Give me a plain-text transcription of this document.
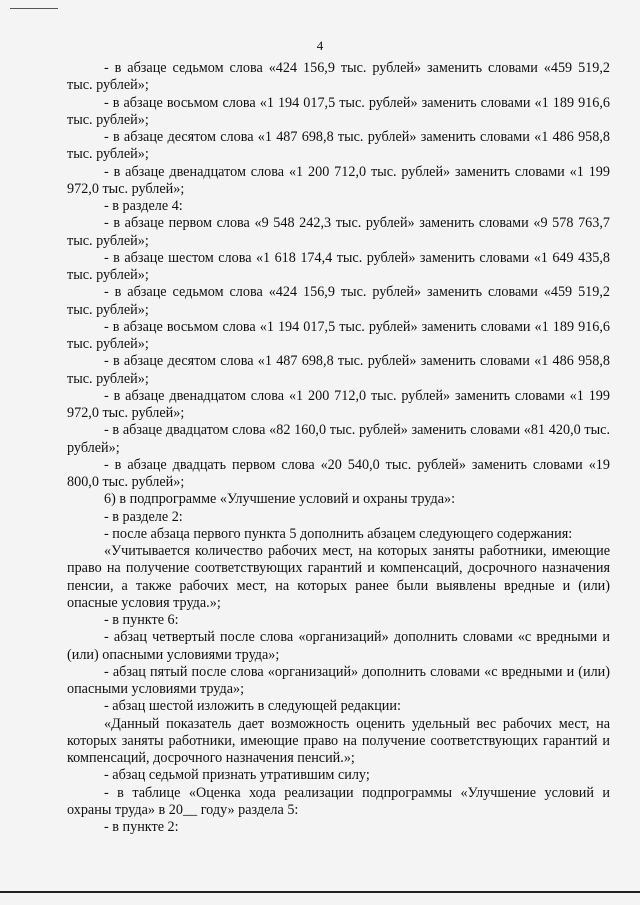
4

- в абзаце седьмом слова «424 156,9 тыс. рублей» заменить словами «459 519,2 тыс. рублей»;

- в абзаце восьмом слова «1 194 017,5 тыс. рублей» заменить словами «1 189 916,6 тыс. рублей»;

- в абзаце десятом слова «1 487 698,8 тыс. рублей» заменить словами «1 486 958,8 тыс. рублей»;

- в абзаце двенадцатом слова «1 200 712,0 тыс. рублей» заменить словами «1 199 972,0 тыс. рублей»;

- в разделе 4:

- в абзаце первом слова «9 548 242,3 тыс. рублей» заменить словами «9 578 763,7 тыс. рублей»;

- в абзаце шестом слова «1 618 174,4 тыс. рублей» заменить словами «1 649 435,8 тыс. рублей»;

- в абзаце седьмом слова «424 156,9 тыс. рублей» заменить словами «459 519,2 тыс. рублей»;

- в абзаце восьмом слова «1 194 017,5 тыс. рублей» заменить словами «1 189 916,6 тыс. рублей»;

- в абзаце десятом слова «1 487 698,8 тыс. рублей» заменить словами «1 486 958,8 тыс. рублей»;

- в абзаце двенадцатом слова «1 200 712,0 тыс. рублей» заменить словами «1 199 972,0 тыс. рублей»;

- в абзаце двадцатом слова «82 160,0 тыс. рублей» заменить словами «81 420,0 тыс. рублей»;

- в абзаце двадцать первом слова «20 540,0 тыс. рублей» заменить словами «19 800,0 тыс. рублей»;

6) в подпрограмме «Улучшение условий и охраны труда»:

- в разделе 2:

- после абзаца первого пункта 5 дополнить абзацем следующего содержания:

«Учитывается количество рабочих мест, на которых заняты работники, имеющие право на получение соответствующих гарантий и компенсаций, досрочного назначения пенсии, а также рабочих мест, на которых ранее были выявлены вредные и (или) опасные условия труда.»;

- в пункте 6:

- абзац четвертый после слова «организаций» дополнить словами «с вредными и (или) опасными условиями труда»;

- абзац пятый после слова «организаций» дополнить словами «с вредными и (или) опасными условиями труда»;

- абзац шестой изложить в следующей редакции:

«Данный показатель дает возможность оценить удельный вес рабочих мест, на которых заняты работники, имеющие право на получение соответствующих гарантий и компенсаций, досрочного назначения пенсий.»;

- абзац седьмой признать утратившим силу;

- в таблице «Оценка хода реализации подпрограммы «Улучшение условий и охраны труда» в 20__ году» раздела 5:

- в пункте 2:
